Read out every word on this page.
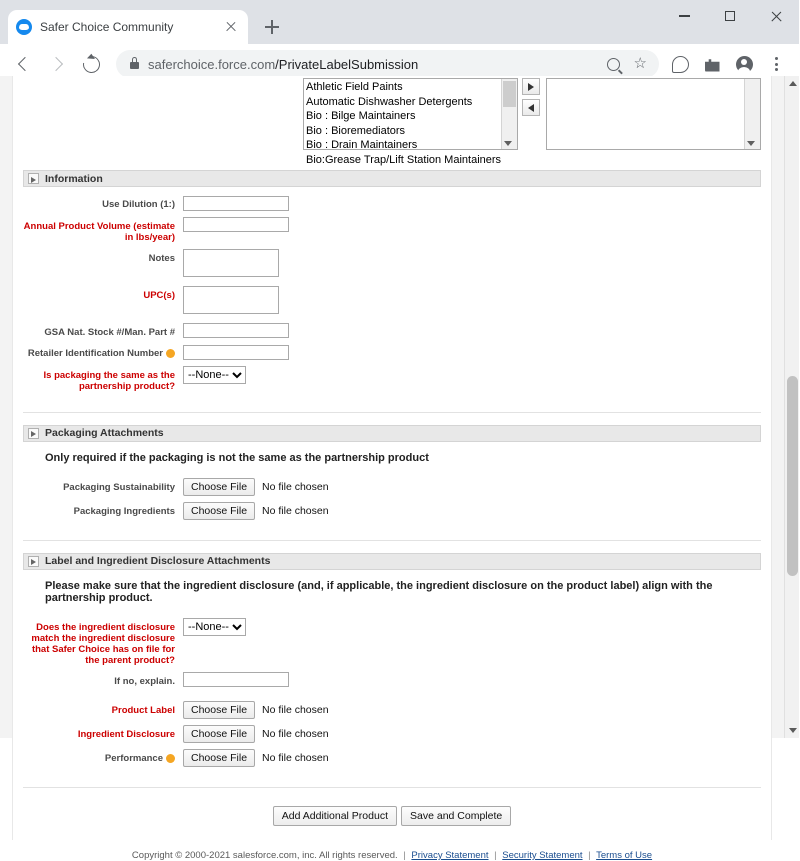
Safer Choice Community
saferchoice.force.com/PrivateLabelSubmission	☆
Athletic Field Paints
Automatic Dishwasher Detergents
Bio : Bilge Maintainers
Bio : Bioremediators
Bio : Drain Maintainers
Bio:Grease Trap/Lift Station Maintainers
Information
Use Dilution (1:)
Annual Product Volume (estimate in lbs/year)
Notes
UPC(s)
GSA Nat. Stock #/Man. Part #
Retailer Identification Number
Is packaging the same as the partnership product?
--None--
Packaging Attachments
Only required if the packaging is not the same as the partnership product
Packaging Sustainability	Choose File	No file chosen
Packaging Ingredients	Choose File	No file chosen
Label and Ingredient Disclosure Attachments
Please make sure that the ingredient disclosure (and, if applicable, the ingredient disclosure on the product label) align with the partnership product.
Does the ingredient disclosure match the ingredient disclosure that Safer Choice has on file for the parent product?
--None--
If no, explain.
Product Label	Choose File	No file chosen
Ingredient Disclosure	Choose File	No file chosen
Performance	Choose File	No file chosen
Add Additional Product	Save and Complete
Copyright © 2000-2021 salesforce.com, inc. All rights reserved. | Privacy Statement | Security Statement | Terms of Use
